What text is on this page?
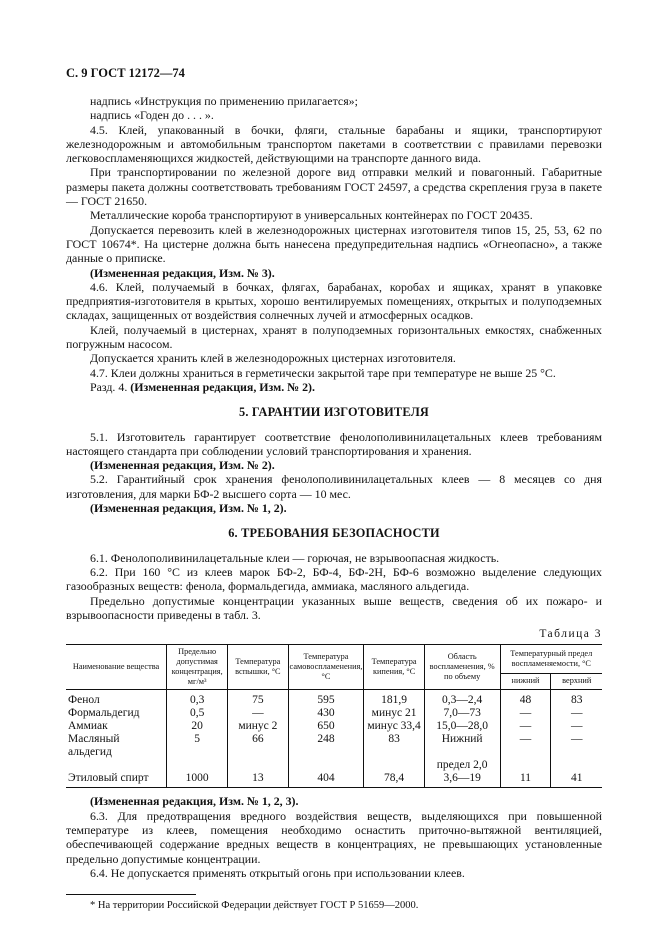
С. 9 ГОСТ 12172—74

надпись «Инструкция по применению прилагается»;

надпись «Годен до . . . ».

4.5. Клей, упакованный в бочки, фляги, стальные барабаны и ящики, транспортируют железнодорожным и автомобильным транспортом пакетами в соответствии с правилами перевозки легковоспламеняющихся жидкостей, действующими на транспорте данного вида.

При транспортировании по железной дороге вид отправки мелкий и повагонный. Габаритные размеры пакета должны соответствовать требованиям ГОСТ 24597, а средства скрепления груза в пакете — ГОСТ 21650.

Металлические короба транспортируют в универсальных контейнерах по ГОСТ 20435.

Допускается перевозить клей в железнодорожных цистернах изготовителя типов 15, 25, 53, 62 по ГОСТ 10674*. На цистерне должна быть нанесена предупредительная надпись «Огнеопасно», а также данные о приписке.

(Измененная редакция, Изм. № 3).

4.6. Клей, получаемый в бочках, флягах, барабанах, коробах и ящиках, хранят в упаковке предприятия-изготовителя в крытых, хорошо вентилируемых помещениях, открытых и полуподземных складах, защищенных от воздействия солнечных лучей и атмосферных осадков.

Клей, получаемый в цистернах, хранят в полуподземных горизонтальных емкостях, снабженных погружным насосом.

Допускается хранить клей в железнодорожных цистернах изготовителя.

4.7. Клеи должны храниться в герметически закрытой таре при температуре не выше 25 °С.

Разд. 4. (Измененная редакция, Изм. № 2).

5. ГАРАНТИИ ИЗГОТОВИТЕЛЯ

5.1. Изготовитель гарантирует соответствие фенолополивинилацетальных клеев требованиям настоящего стандарта при соблюдении условий транспортирования и хранения.

(Измененная редакция, Изм. № 2).

5.2. Гарантийный срок хранения фенолополивинилацетальных клеев — 8 месяцев со дня изготовления, для марки БФ-2 высшего сорта — 10 мес.

(Измененная редакция, Изм. № 1, 2).

6. ТРЕБОВАНИЯ БЕЗОПАСНОСТИ

6.1. Фенолополивинилацетальные клеи — горючая, не взрывоопасная жидкость.

6.2. При 160 °С из клеев марок БФ-2, БФ-4, БФ-2Н, БФ-6 возможно выделение следующих газообразных веществ: фенола, формальдегида, аммиака, масляного альдегида.

Предельно допустимые концентрации указанных выше веществ, сведения об их пожаро- и взрывоопасности приведены в табл. 3.

Таблица 3
Наименование вещества	Предельно допустимая концентрация, мг/м³	Температура вспышки, °С	Температура самовоспламенения, °С	Температура кипения, °С	Область воспламенения, % по объему	Температурный предел воспламеняемости, °С	
						нижний	верхний
Фенол	0,3	75	595	181,9	0,3—2,4	48	83
Формальдегид	0,5	—	430	минус 21	7,0—73	—	—
Аммиак	20	минус 2	650	минус 33,4	15,0—28,0	—	—
Масляный альдегид	5	66	248	83	Нижний	—	—
					предел 2,0		
Этиловый спирт	1000	13	404	78,4	3,6—19	11	41

(Измененная редакция, Изм. № 1, 2, 3).

6.3. Для предотвращения вредного воздействия веществ, выделяющихся при повышенной температуре из клеев, помещения необходимо оснастить приточно-вытяжной вентиляцией, обеспечивающей содержание вредных веществ в концентрациях, не превышающих установленные предельно допустимые концентрации.

6.4. Не допускается применять открытый огонь при использовании клеев.

* На территории Российской Федерации действует ГОСТ Р 51659—2000.
